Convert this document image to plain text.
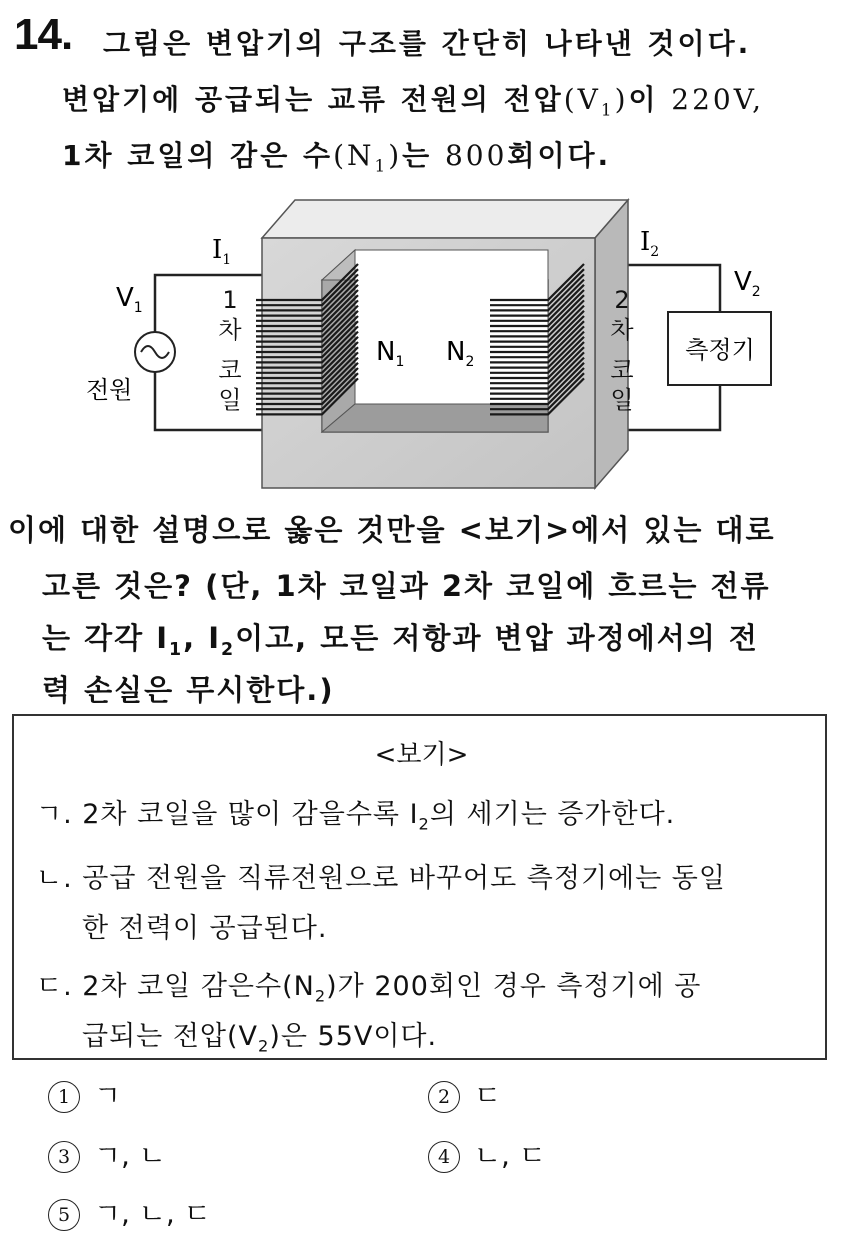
14. 그림은 변압기의 구조를 간단히 나타낸 것이다.
변압기에 공급되는 교류 전원의 전압$(V_1)$이 220V,
1차 코일의 감은 수$(N_1)$는 800회이다.
$I_1$
$I_2$
$V_1$
$V_2$
전원
1
차
코
일
2
차
코
일
$N_1$ $N_2$	측정기
이에 대한 설명으로 옳은 것만을 <보기>에서 있는 대로
고른 것은? (단, 1차 코일과 2차 코일에 흐르는 전류
는 각각 $I_1$, $I_2$이고, 모든 저항과 변압 과정에서의 전
력 손실은 무시한다.)
<보기>
ㄱ. 2차 코일을 많이 감을수록 $I_2$의 세기는 증가한다.
ㄴ. 공급 전원을 직류전원으로 바꾸어도 측정기에는 동일
한 전력이 공급된다.
ㄷ. 2차 코일 감은수$(N_2)$가 200회인 경우 측정기에 공
급되는 전압$(V_2)$은 55V이다.
1 ㄱ	2 ㄷ
3 ㄱ, ㄴ	4 ㄴ, ㄷ
5 ㄱ, ㄴ, ㄷ
